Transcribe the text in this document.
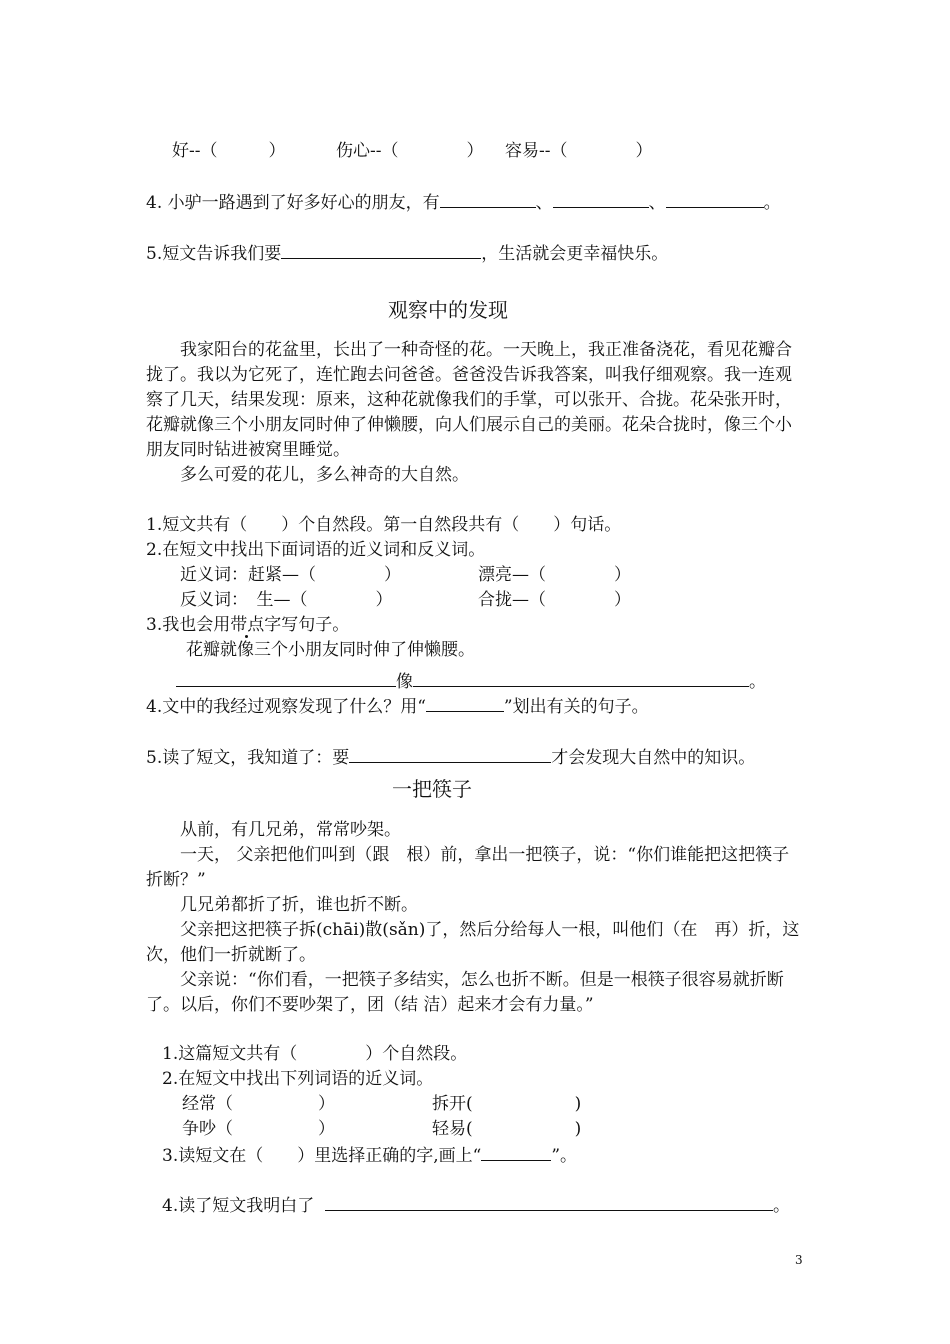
好--（　　　）	伤心--（　　　　） 容易--（　　　　）
4. 小驴一路遇到了好多好心的朋友，有	、	、	。
5.短文告诉我们要	，生活就会更幸福快乐。
观察中的发现

我家阳台的花盆里，长出了一种奇怪的花。一天晚上，我正准备浇花，看见花瓣合拢了。我以为它死了，连忙跑去问爸爸。爸爸没告诉我答案，叫我仔细观察。我一连观察了几天，结果发现：原来，这种花就像我们的手掌，可以张开、合拢。花朵张开时，花瓣就像三个小朋友同时伸了伸懒腰，向人们展示自己的美丽。花朵合拢时，像三个小朋友同时钻进被窝里睡觉。

多么可爱的花儿，多么神奇的大自然。

1.短文共有（　　）个自然段。第一自然段共有（　　）句话。
2.在短文中找出下面词语的近义词和反义词。
近义词：赶紧—（　　　　）	漂亮—（　　　　）
反义词：　生—（　　　　）	合拢—（　　　　）
3.我也会用带点字写句子。
花瓣就像三个小朋友同时伸了伸懒腰。
像	。
4.文中的我经过观察发现了什么？用“	”划出有关的句子。
5.读了短文，我知道了：要	才会发现大自然中的知识。
一把筷子

从前，有几兄弟，常常吵架。

一天， 父亲把他们叫到（跟　根）前，拿出一把筷子，说：“你们谁能把这把筷子折断？”

几兄弟都折了折，谁也折不断。

父亲把这把筷子拆(chāi)散(sǎn)了，然后分给每人一根，叫他们（在　再）折，这次，他们一折就断了。

父亲说：“你们看，一把筷子多结实，怎么也折不断。但是一根筷子很容易就折断了。以后，你们不要吵架了，团（结 洁）起来才会有力量。”

1.这篇短文共有（　　　　）个自然段。
2.在短文中找出下列词语的近义词。
经常（　　　　　）	拆开(　　　　　　)
争吵（　　　　　）	轻易(　　　　　　)
3.读短文在（　　）里选择正确的字,画上“	”。
4.读了短文我明白了	。
3
